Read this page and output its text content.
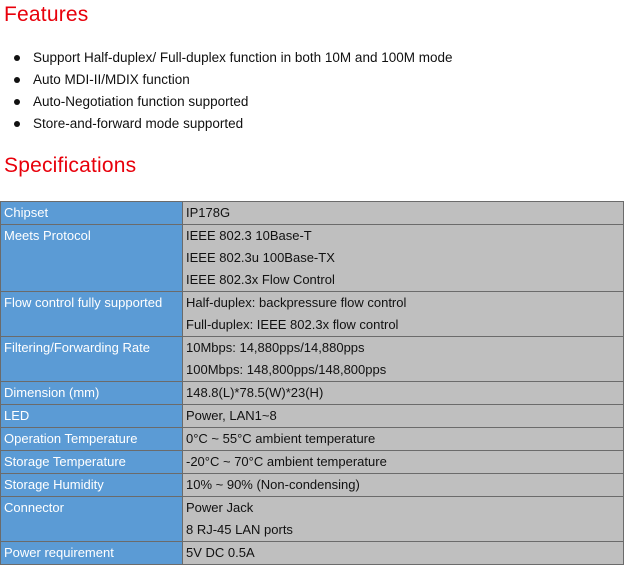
Features
Support Half-duplex/ Full-duplex function in both 10M and 100M mode
Auto MDI-II/MDIX function
Auto-Negotiation function supported
Store-and-forward mode supported
Specifications
Chipset	IP178G

Meets Protocol	IEEE 802.3 10Base-T
IEEE 802.3u 100Base-TX
IEEE 802.3x Flow Control

Flow control fully supported	Half-duplex: backpressure flow control
Full-duplex: IEEE 802.3x flow control

Filtering/Forwarding Rate	10Mbps: 14,880pps/14,880pps
100Mbps: 148,800pps/148,800pps

Dimension (mm)	148.8(L)*78.5(W)*23(H)

LED	Power, LAN1~8

Operation Temperature	0°C ~ 55°C ambient temperature

Storage Temperature	-20°C ~ 70°C ambient temperature

Storage Humidity	10% ~ 90% (Non-condensing)

Connector	Power Jack
8 RJ-45 LAN ports

Power requirement	5V DC 0.5A
